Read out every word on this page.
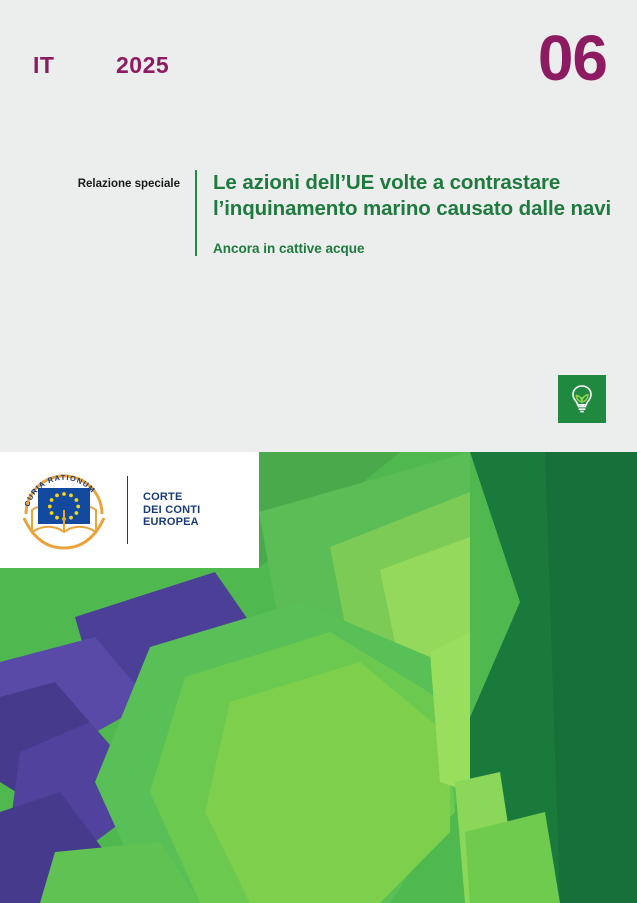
IT	2025	06
Relazione speciale Le azioni dell’UE volte a contrastare l’inquinamento marino causato dalle navi

Ancora in cattive acque

CURIA RATIONUM
CORTE
DEI CONTI
EUROPEA
